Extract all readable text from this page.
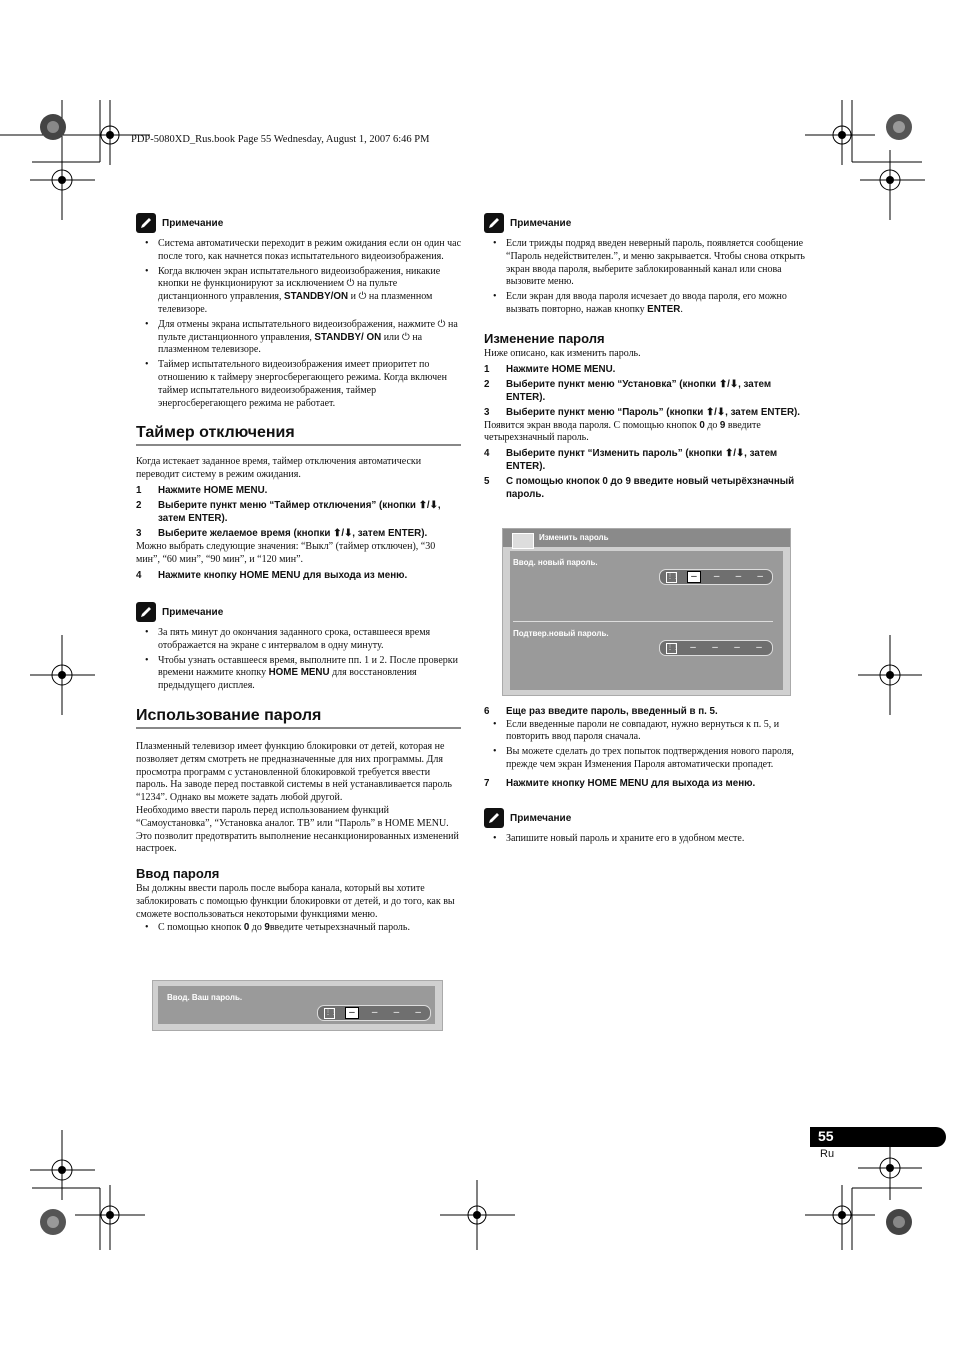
PDP-5080XD_Rus.book Page 55 Wednesday, August 1, 2007 6:46 PM
Примечание
• Система автоматически переходит в режим ожидания если он один час после того, как начнется показ испытательного видеоизображения.
• Когда включен экран испытательного видеоизображения, никакие кнопки не функционируют за исключением ⏻ на пульте дистанционного управления, STANDBY/ON и ⏻ на плазменном телевизоре.
• Для отмены экрана испытательного видеоизображения, нажмите ⏻ на пульте дистанционного управления, STANDBY/ ON или ⏻ на плазменном телевизоре.
• Таймер испытательного видеоизображения имеет приоритет по отношению к таймеру энергосберегающего режима. Когда включен таймер испытательного видеоизображения, таймер энергосберегающего режима не работает.
Таймер отключения

Когда истекает заданное время, таймер отключения автоматически переводит систему в режим ожидания.

1	Нажмите HOME MENU.
2	Выберите пункт меню “Таймер отключения” (кнопки ⬆/⬇, затем ENTER).
3	Выберите желаемое время (кнопки ⬆/⬇, затем ENTER).

Можно выбрать следующие значения: “Выкл” (таймер отключен), “30 мин”, “60 мин”, “90 мин”, и “120 мин”.

4	Нажмите кнопку HOME MENU для выхода из меню.
Примечание
• За пять минут до окончания заданного срока, оставшееся время отображается на экране с интервалом в одну минуту.
• Чтобы узнать оставшееся время, выполните пп. 1 и 2. После проверки времени нажмите кнопку HOME MENU для восстановления предыдущего дисплея.
Использование пароля

Плазменный телевизор имеет функцию блокировки от детей, которая не позволяет детям смотреть не предназначенные для них программы. Для просмотра программ с установленной блокировкой требуется ввести пароль. На заводе перед поставкой системы в ней устанавливается пароль “1234”. Однако вы можете задать любой другой.

Необходимо ввести пароль перед использованием функций “Самоустановка”, “Установка аналог. ТВ” или “Пароль” в HOME MENU. Это позволит предотвратить выполнение несанкционированных изменений настроек.

Ввод пароля

Вы должны ввести пароль после выбора канала, который вы хотите заблокировать с помощью функции блокировки от детей, и до того, как вы сможете воспользоваться некоторыми функциями меню.

• С помощью кнопок 0 до 9введите четырехзначный пароль.
Ввод. Ваш пароль.
⋮⋮	–	–	–	–
Примечание
• Если трижды подряд введен неверный пароль, появляется сообщение “Пароль недействителен.”, и меню закрывается. Чтобы снова открыть экран ввода пароля, выберите заблокированный канал или снова вызовите меню.
• Если экран для ввода пароля исчезает до ввода пароля, его можно вызвать повторно, нажав кнопку ENTER.
Изменение пароля

Ниже описано, как изменить пароль.

1	Нажмите HOME MENU.
2	Выберите пункт меню “Установка” (кнопки ⬆/⬇, затем ENTER).
3	Выберите пункт меню “Пароль” (кнопки ⬆/⬇, затем ENTER).

Появится экран ввода пароля. С помощью кнопок 0 до 9 введите четырехзначный пароль.

4	Выберите пункт “Изменить пароль” (кнопки ⬆/⬇, затем ENTER).
5	С помощью кнопок 0 до 9 введите новый четырёхзначный пароль.
Изменить пароль
Ввод. новый пароль.
⋮⋮	–	–	–	–
Подтвер.новый пароль.
⋮⋮	–	–	–	–
6	Еще раз введите пароль, введенный в п. 5.
• Если введенные пароли не совпадают, нужно вернуться к п. 5, и повторить ввод пароля сначала.
• Вы можете сделать до трех попыток подтверждения нового пароля, прежде чем экран Изменения Пароля автоматически пропадет.
7	Нажмите кнопку HOME MENU для выхода из меню.
Примечание
• Запишите новый пароль и храните его в удобном месте.
55
Ru
